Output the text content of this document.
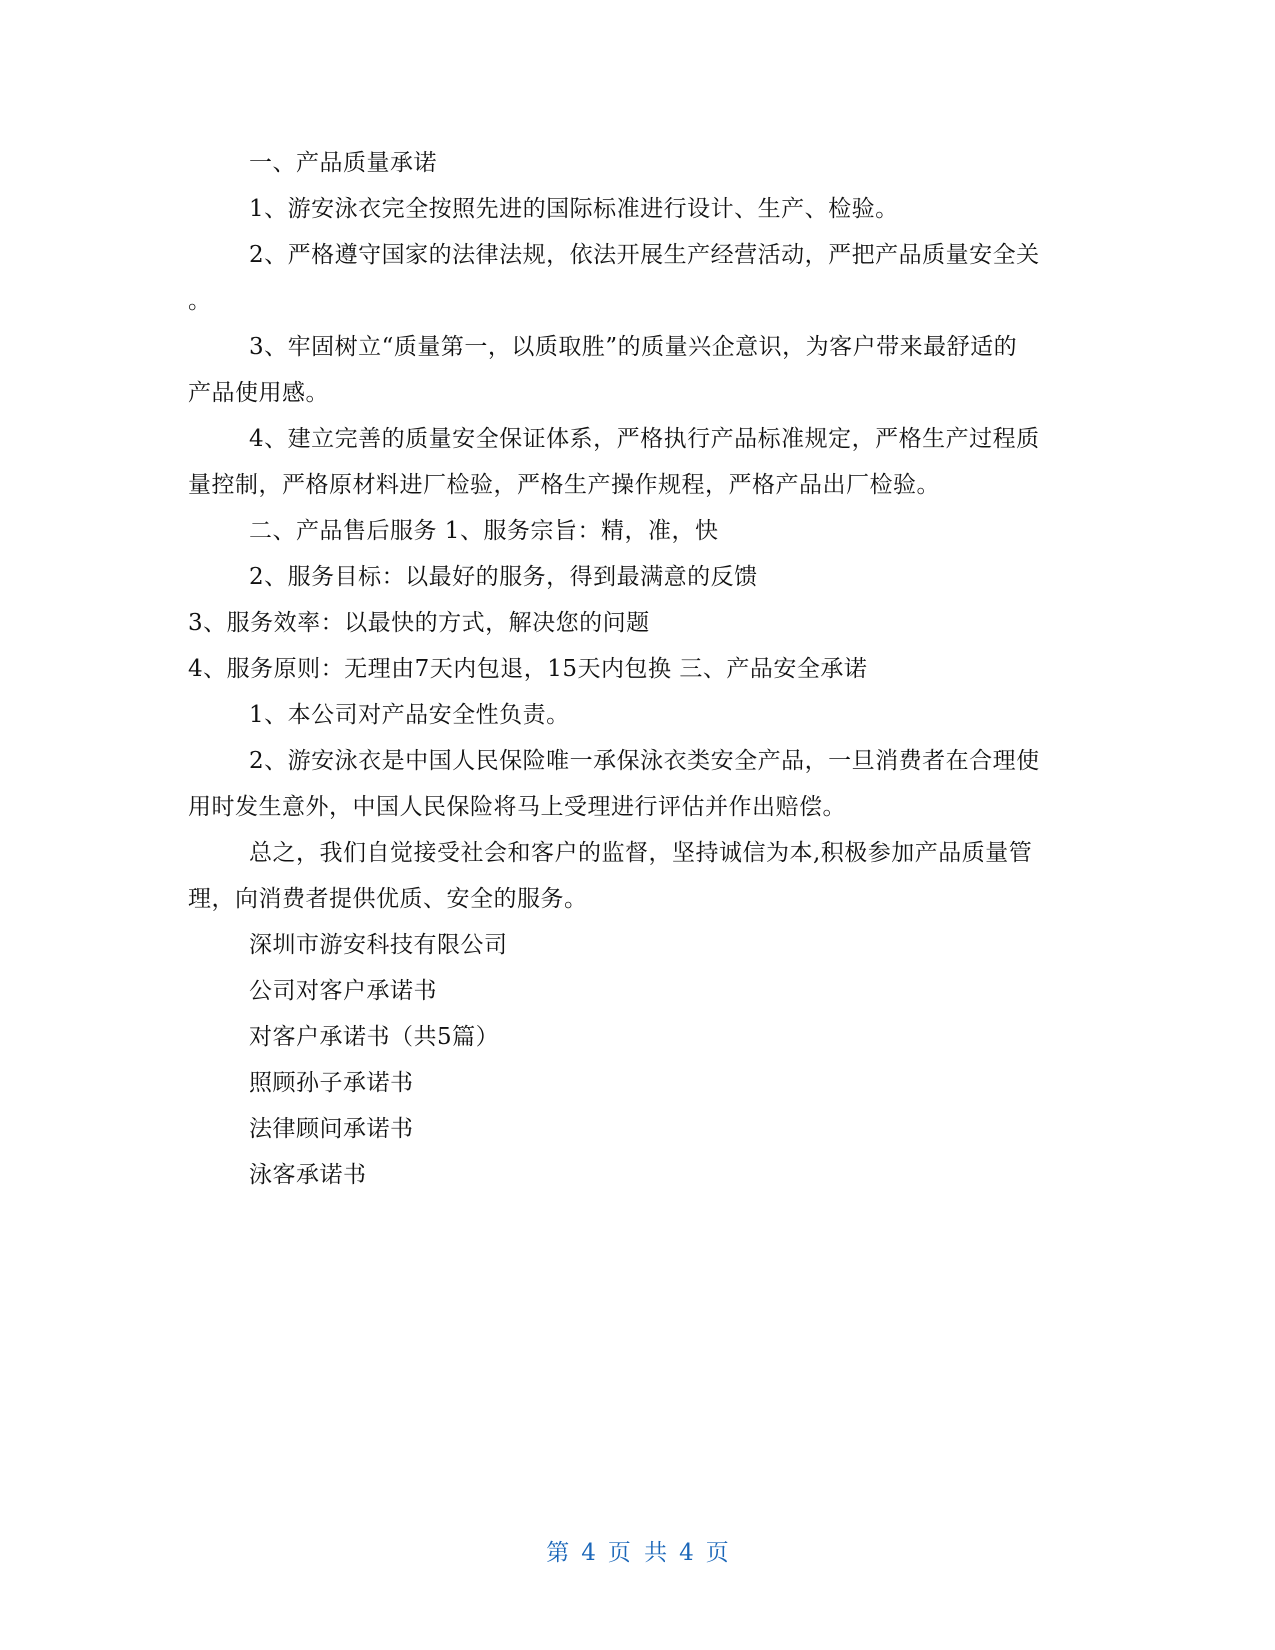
一、产品质量承诺
1、游安泳衣完全按照先进的国际标准进行设计、生产、检验。
2、严格遵守国家的法律法规，依法开展生产经营活动，严把产品质量安全关
。
3、牢固树立“质量第一，以质取胜”的质量兴企意识，为客户带来最舒适的
产品使用感。
4、建立完善的质量安全保证体系，严格执行产品标准规定，严格生产过程质
量控制，严格原材料进厂检验，严格生产操作规程，严格产品出厂检验。
二、产品售后服务 1、服务宗旨：精，准，快
2、服务目标：以最好的服务，得到最满意的反馈
3、服务效率：以最快的方式，解决您的问题
4、服务原则：无理由7天内包退，15天内包换 三、产品安全承诺
1、本公司对产品安全性负责。
2、游安泳衣是中国人民保险唯一承保泳衣类安全产品，一旦消费者在合理使
用时发生意外，中国人民保险将马上受理进行评估并作出赔偿。
总之，我们自觉接受社会和客户的监督，坚持诚信为本,积极参加产品质量管
理，向消费者提供优质、安全的服务。
深圳市游安科技有限公司
公司对客户承诺书
对客户承诺书（共5篇）
照顾孙子承诺书
法律顾问承诺书
泳客承诺书
第 4 页 共 4 页
